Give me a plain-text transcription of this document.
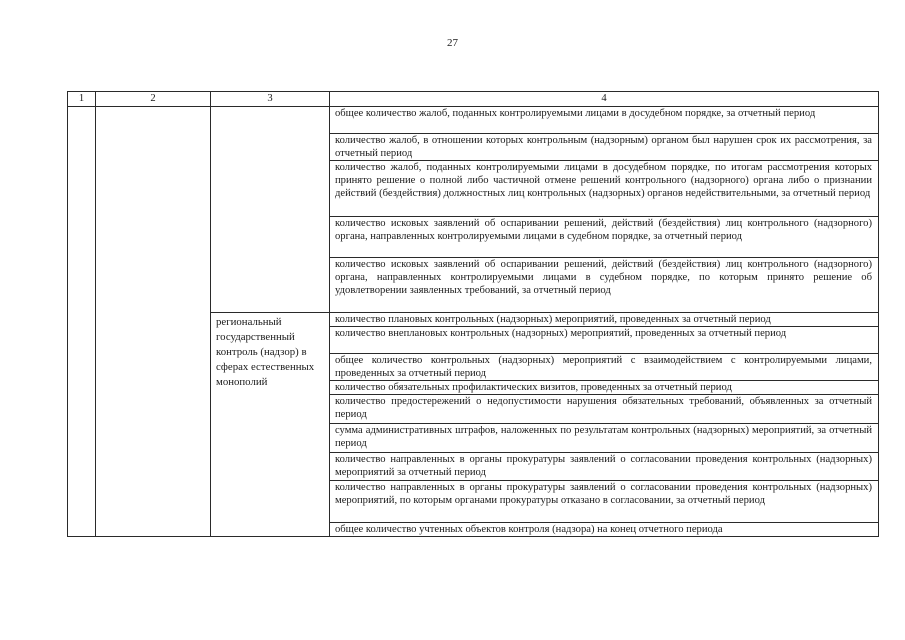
27
1	2	3	4
			общее количество жалоб, поданных контролируемыми лицами в досудебном порядке, за отчетный период
			количество жалоб, в отношении которых контрольным (надзорным) органом был нарушен срок их рассмотрения, за отчетный период
			количество жалоб, поданных контролируемыми лицами в досудебном порядке, по итогам рассмотрения которых принято решение о полной либо частичной отмене решений контрольного (надзорного) органа либо о признании действий (бездействия) должностных лиц контрольных (надзорных) органов недействительными, за отчетный период
			количество исковых заявлений об оспаривании решений, действий (бездействия) лиц контрольного (надзорного) органа, направленных контролируемыми лицами в судебном порядке, за отчетный период
			количество исковых заявлений об оспаривании решений, действий (бездействия) лиц контрольного (надзорного) органа, направленных контролируемыми лицами в судебном порядке, по которым принято решение об удовлетворении заявленных требований, за отчетный период
		региональный государственный контроль (надзор) в сферах естественных монополий	количество плановых контрольных (надзорных) мероприятий, проведенных за отчетный период
			количество внеплановых контрольных (надзорных) мероприятий, проведенных за отчетный период
			общее количество контрольных (надзорных) мероприятий с взаимодействием с контролируемыми лицами, проведенных за отчетный период
			количество обязательных профилактических визитов, проведенных за отчетный период
			количество предостережений о недопустимости нарушения обязательных требований, объявленных за отчетный период
			сумма административных штрафов, наложенных по результатам контрольных (надзорных) мероприятий, за отчетный период
			количество направленных в органы прокуратуры заявлений о согласовании проведения контрольных (надзорных) мероприятий за отчетный период
			количество направленных в органы прокуратуры заявлений о согласовании проведения контрольных (надзорных) мероприятий, по которым органами прокуратуры отказано в согласовании, за отчетный период
			общее количество учтенных объектов контроля (надзора) на конец отчетного периода
